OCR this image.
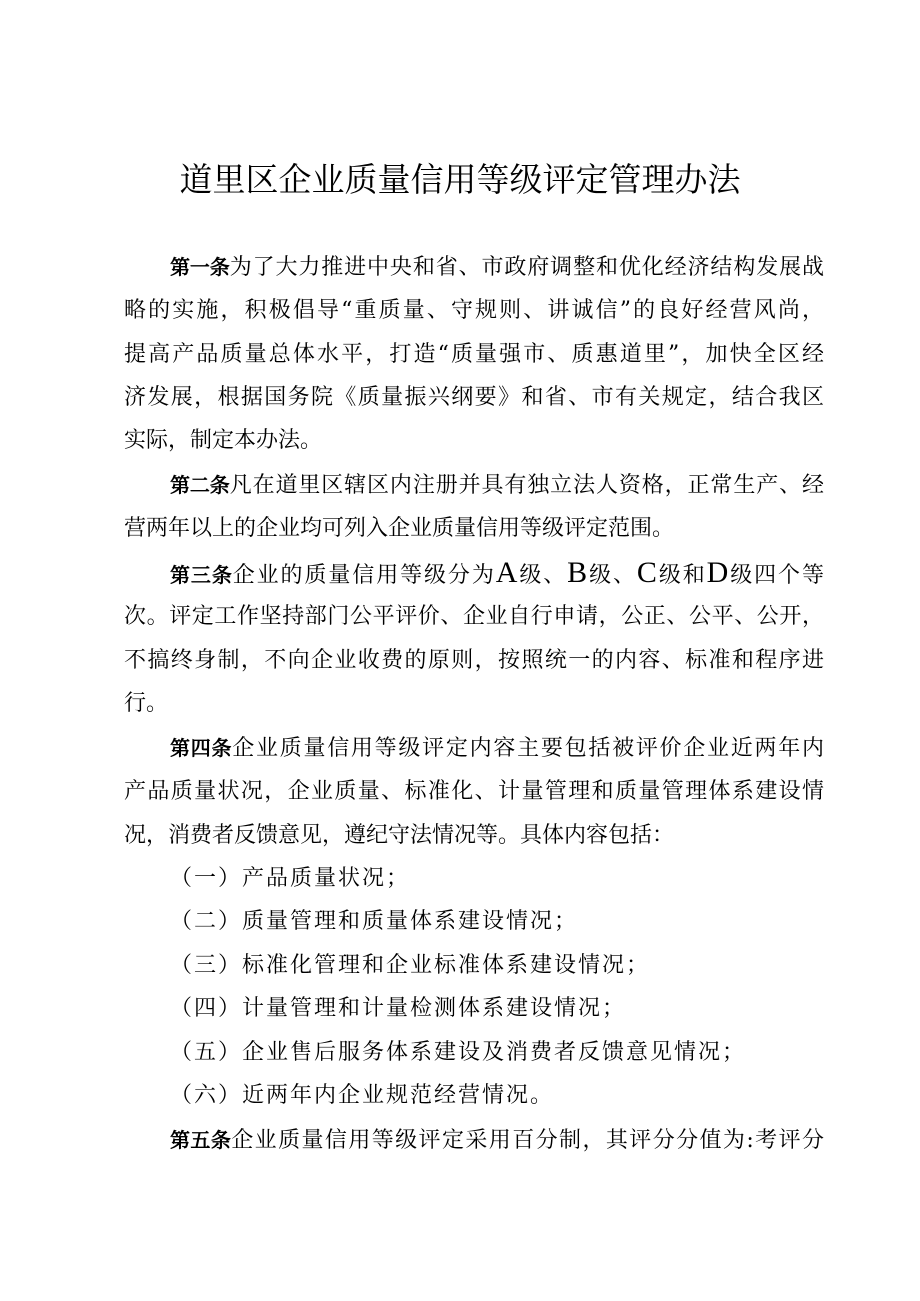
道里区企业质量信用等级评定管理办法
第一条为了大力推进中央和省、市政府调整和优化经济结构发展战
略的实施，积极倡导“重质量、守规则、讲诚信”的良好经营风尚，
提高产品质量总体水平，打造“质量强市、质惠道里”，加快全区经
济发展，根据国务院《质量振兴纲要》和省、市有关规定，结合我区
实际，制定本办法。
第二条凡在道里区辖区内注册并具有独立法人资格，正常生产、经
营两年以上的企业均可列入企业质量信用等级评定范围。
第三条企业的质量信用等级分为A级、B级、C级和D级四个等
次。评定工作坚持部门公平评价、企业自行申请，公正、公平、公开，
不搞终身制，不向企业收费的原则，按照统一的内容、标准和程序进
行。
第四条企业质量信用等级评定内容主要包括被评价企业近两年内
产品质量状况，企业质量、标准化、计量管理和质量管理体系建设情
况，消费者反馈意见，遵纪守法情况等。具体内容包括：
（一）产品质量状况；
（二）质量管理和质量体系建设情况；
（三）标准化管理和企业标准体系建设情况；
（四）计量管理和计量检测体系建设情况；
（五）企业售后服务体系建设及消费者反馈意见情况；
（六）近两年内企业规范经营情况。
第五条企业质量信用等级评定采用百分制，其评分分值为:考评分
